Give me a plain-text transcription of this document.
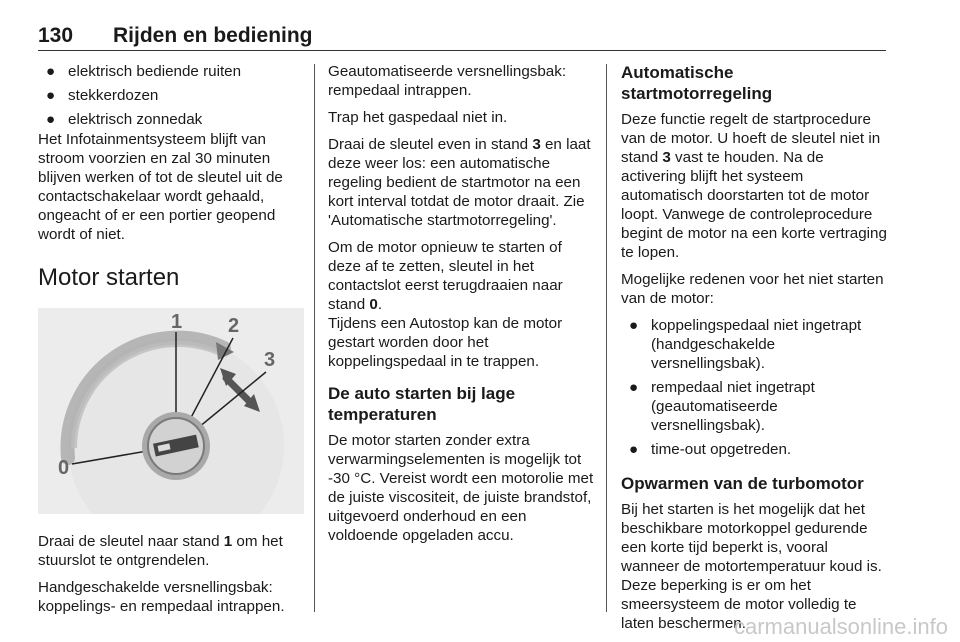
130 Rijden en bediening
● elektrisch bediende ruiten
● stekkerdozen
● elektrisch zonnedak

Het Infotainmentsysteem blijft van stroom voorzien en zal 30 minuten blijven werken of tot de sleutel uit de contactschakelaar wordt gehaald, ongeacht of er een portier geopend wordt of niet.

Motor starten
1 2
3
0

Draai de sleutel naar stand 1 om het stuurslot te ontgrendelen.

Handgeschakelde versnellingsbak: koppelings- en rempedaal intrappen.

Geautomatiseerde versnellingsbak: rempedaal intrappen.

Trap het gaspedaal niet in.

Draai de sleutel even in stand 3 en laat deze weer los: een automatische regeling bedient de startmotor na een kort interval totdat de motor draait. Zie 'Automatische startmotorregeling'.

Om de motor opnieuw te starten of deze af te zetten, sleutel in het contactslot eerst terugdraaien naar stand 0.

Tijdens een Autostop kan de motor gestart worden door het koppelingspedaal in te trappen.

De auto starten bij lage temperaturen

De motor starten zonder extra verwarmingselementen is mogelijk tot -30 °C. Vereist wordt een motorolie met de juiste viscositeit, de juiste brandstof, uitgevoerd onderhoud en een voldoende opgeladen accu.

Automatische startmotorregeling

Deze functie regelt de startprocedure van de motor. U hoeft de sleutel niet in stand 3 vast te houden. Na de activering blijft het systeem automatisch doorstarten tot de motor loopt. Vanwege de controleprocedure begint de motor na een korte vertraging te lopen.

Mogelijke redenen voor het niet starten van de motor:

● koppelingspedaal niet ingetrapt (handgeschakelde versnellingsbak).
● rempedaal niet ingetrapt (geautomatiseerde versnellingsbak).
● time-out opgetreden.
Opwarmen van de turbomotor

Bij het starten is het mogelijk dat het beschikbare motorkoppel gedurende een korte tijd beperkt is, vooral wanneer de motortemperatuur koud is. Deze beperking is er om het smeersysteem de motor volledig te laten beschermen.

carmanualsonline.info
